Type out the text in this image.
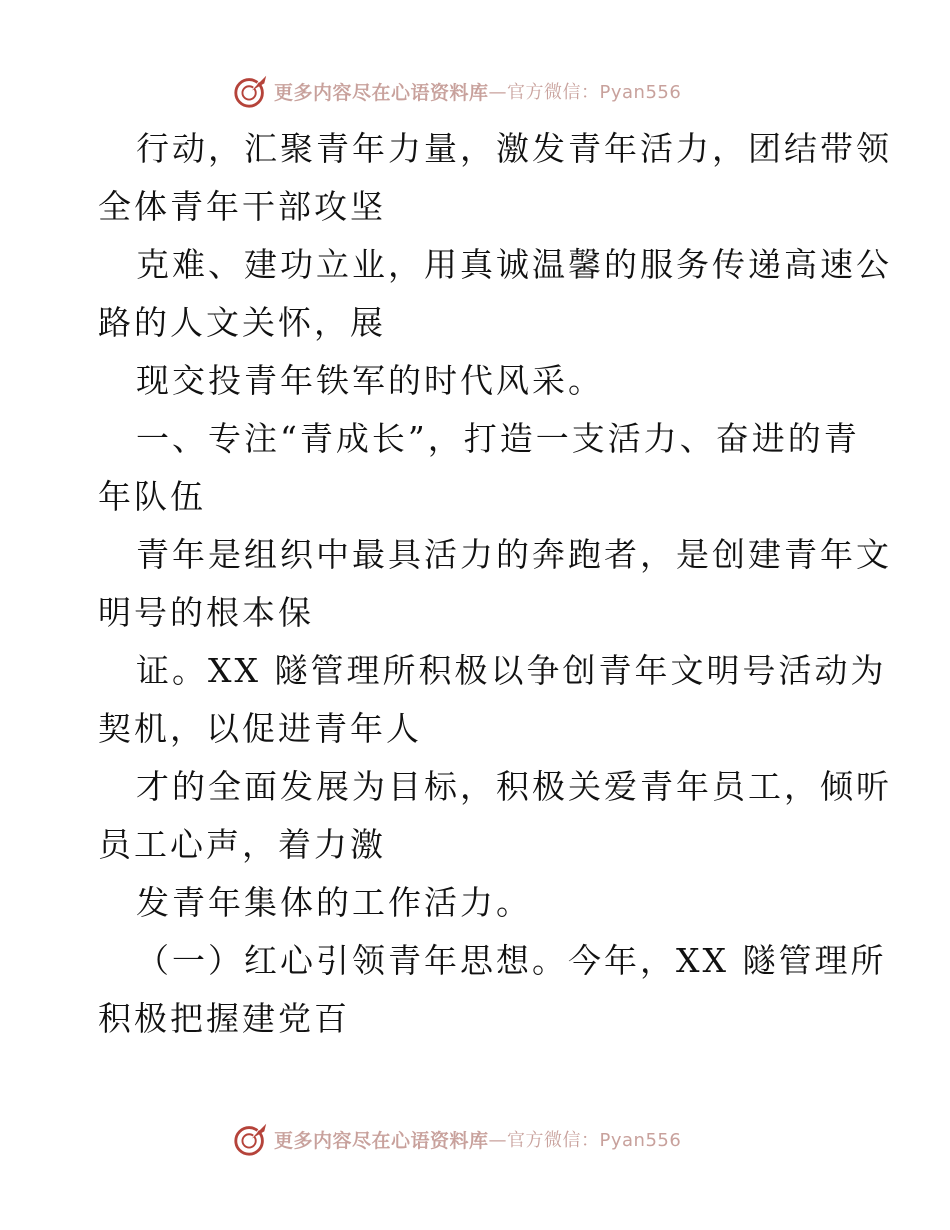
更多内容尽在心语资料库 —官方微信：Pyan556

行动，汇聚青年力量，激发青年活力，团结带领
全体青年干部攻坚

克难、建功立业，用真诚温馨的服务传递高速公
路的人文关怀，展

现交投青年铁军的时代风采。

一、专注“青成长”，打造一支活力、奋进的青
年队伍

青年是组织中最具活力的奔跑者，是创建青年文
明号的根本保

证。XX 隧管理所积极以争创青年文明号活动为
契机，以促进青年人

才的全面发展为目标，积极关爱青年员工，倾听
员工心声，着力激

发青年集体的工作活力。

（一）红心引领青年思想。今年，XX 隧管理所
积极把握建党百

更多内容尽在心语资料库 —官方微信：Pyan556
